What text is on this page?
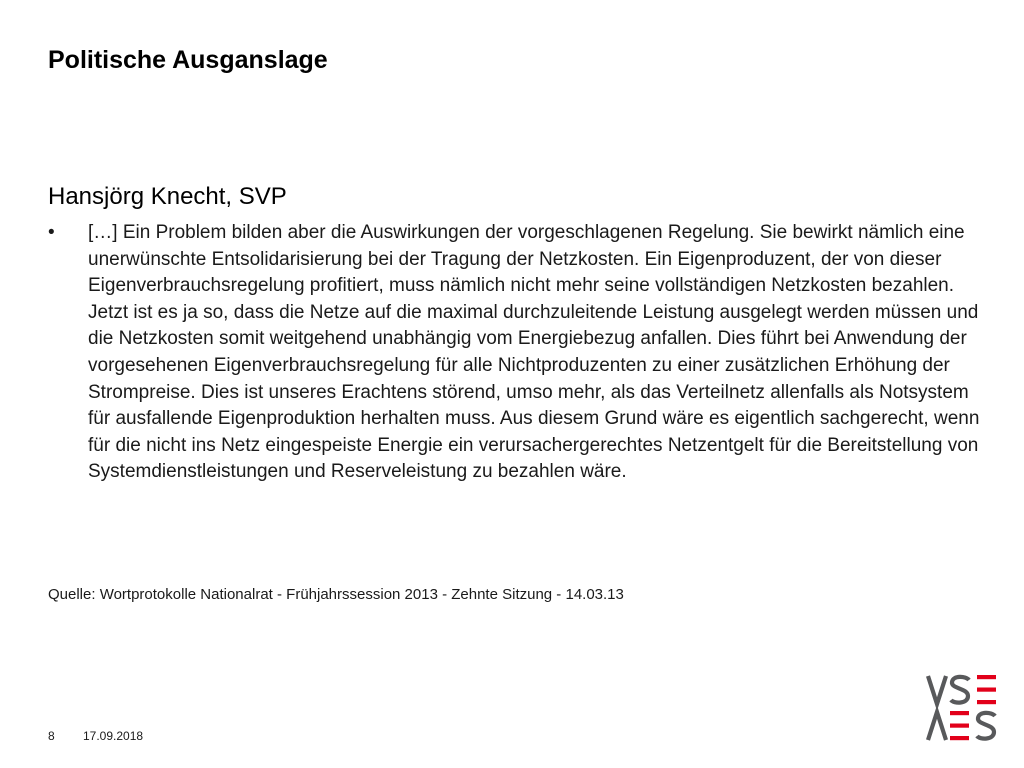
Politische Ausganslage
Hansjörg Knecht, SVP
•	[…] Ein Problem bilden aber die Auswirkungen der vorgeschlagenen Regelung. Sie bewirkt nämlich eine unerwünschte Entsolidarisierung bei der Tragung der Netzkosten. Ein Eigenproduzent, der von dieser Eigenverbrauchsregelung profitiert, muss nämlich nicht mehr seine vollständigen Netzkosten bezahlen. Jetzt ist es ja so, dass die Netze auf die maximal durchzuleitende Leistung ausgelegt werden müssen und die Netzkosten somit weitgehend unabhängig vom Energiebezug anfallen. Dies führt bei Anwendung der vorgesehenen Eigenverbrauchsregelung für alle Nichtproduzenten zu einer zusätzlichen Erhöhung der Strompreise. Dies ist unseres Erachtens störend, umso mehr, als das Verteilnetz allenfalls als Notsystem für ausfallende Eigenproduktion herhalten muss. Aus diesem Grund wäre es eigentlich sachgerecht, wenn für die nicht ins Netz eingespeiste Energie ein verursachergerechtes Netzentgelt für die Bereitstellung von Systemdienstleistungen und Reserveleistung zu bezahlen wäre.

Quelle: Wortprotokolle Nationalrat - Frühjahrssession 2013 - Zehnte Sitzung - 14.03.13

8 17.09.2018
